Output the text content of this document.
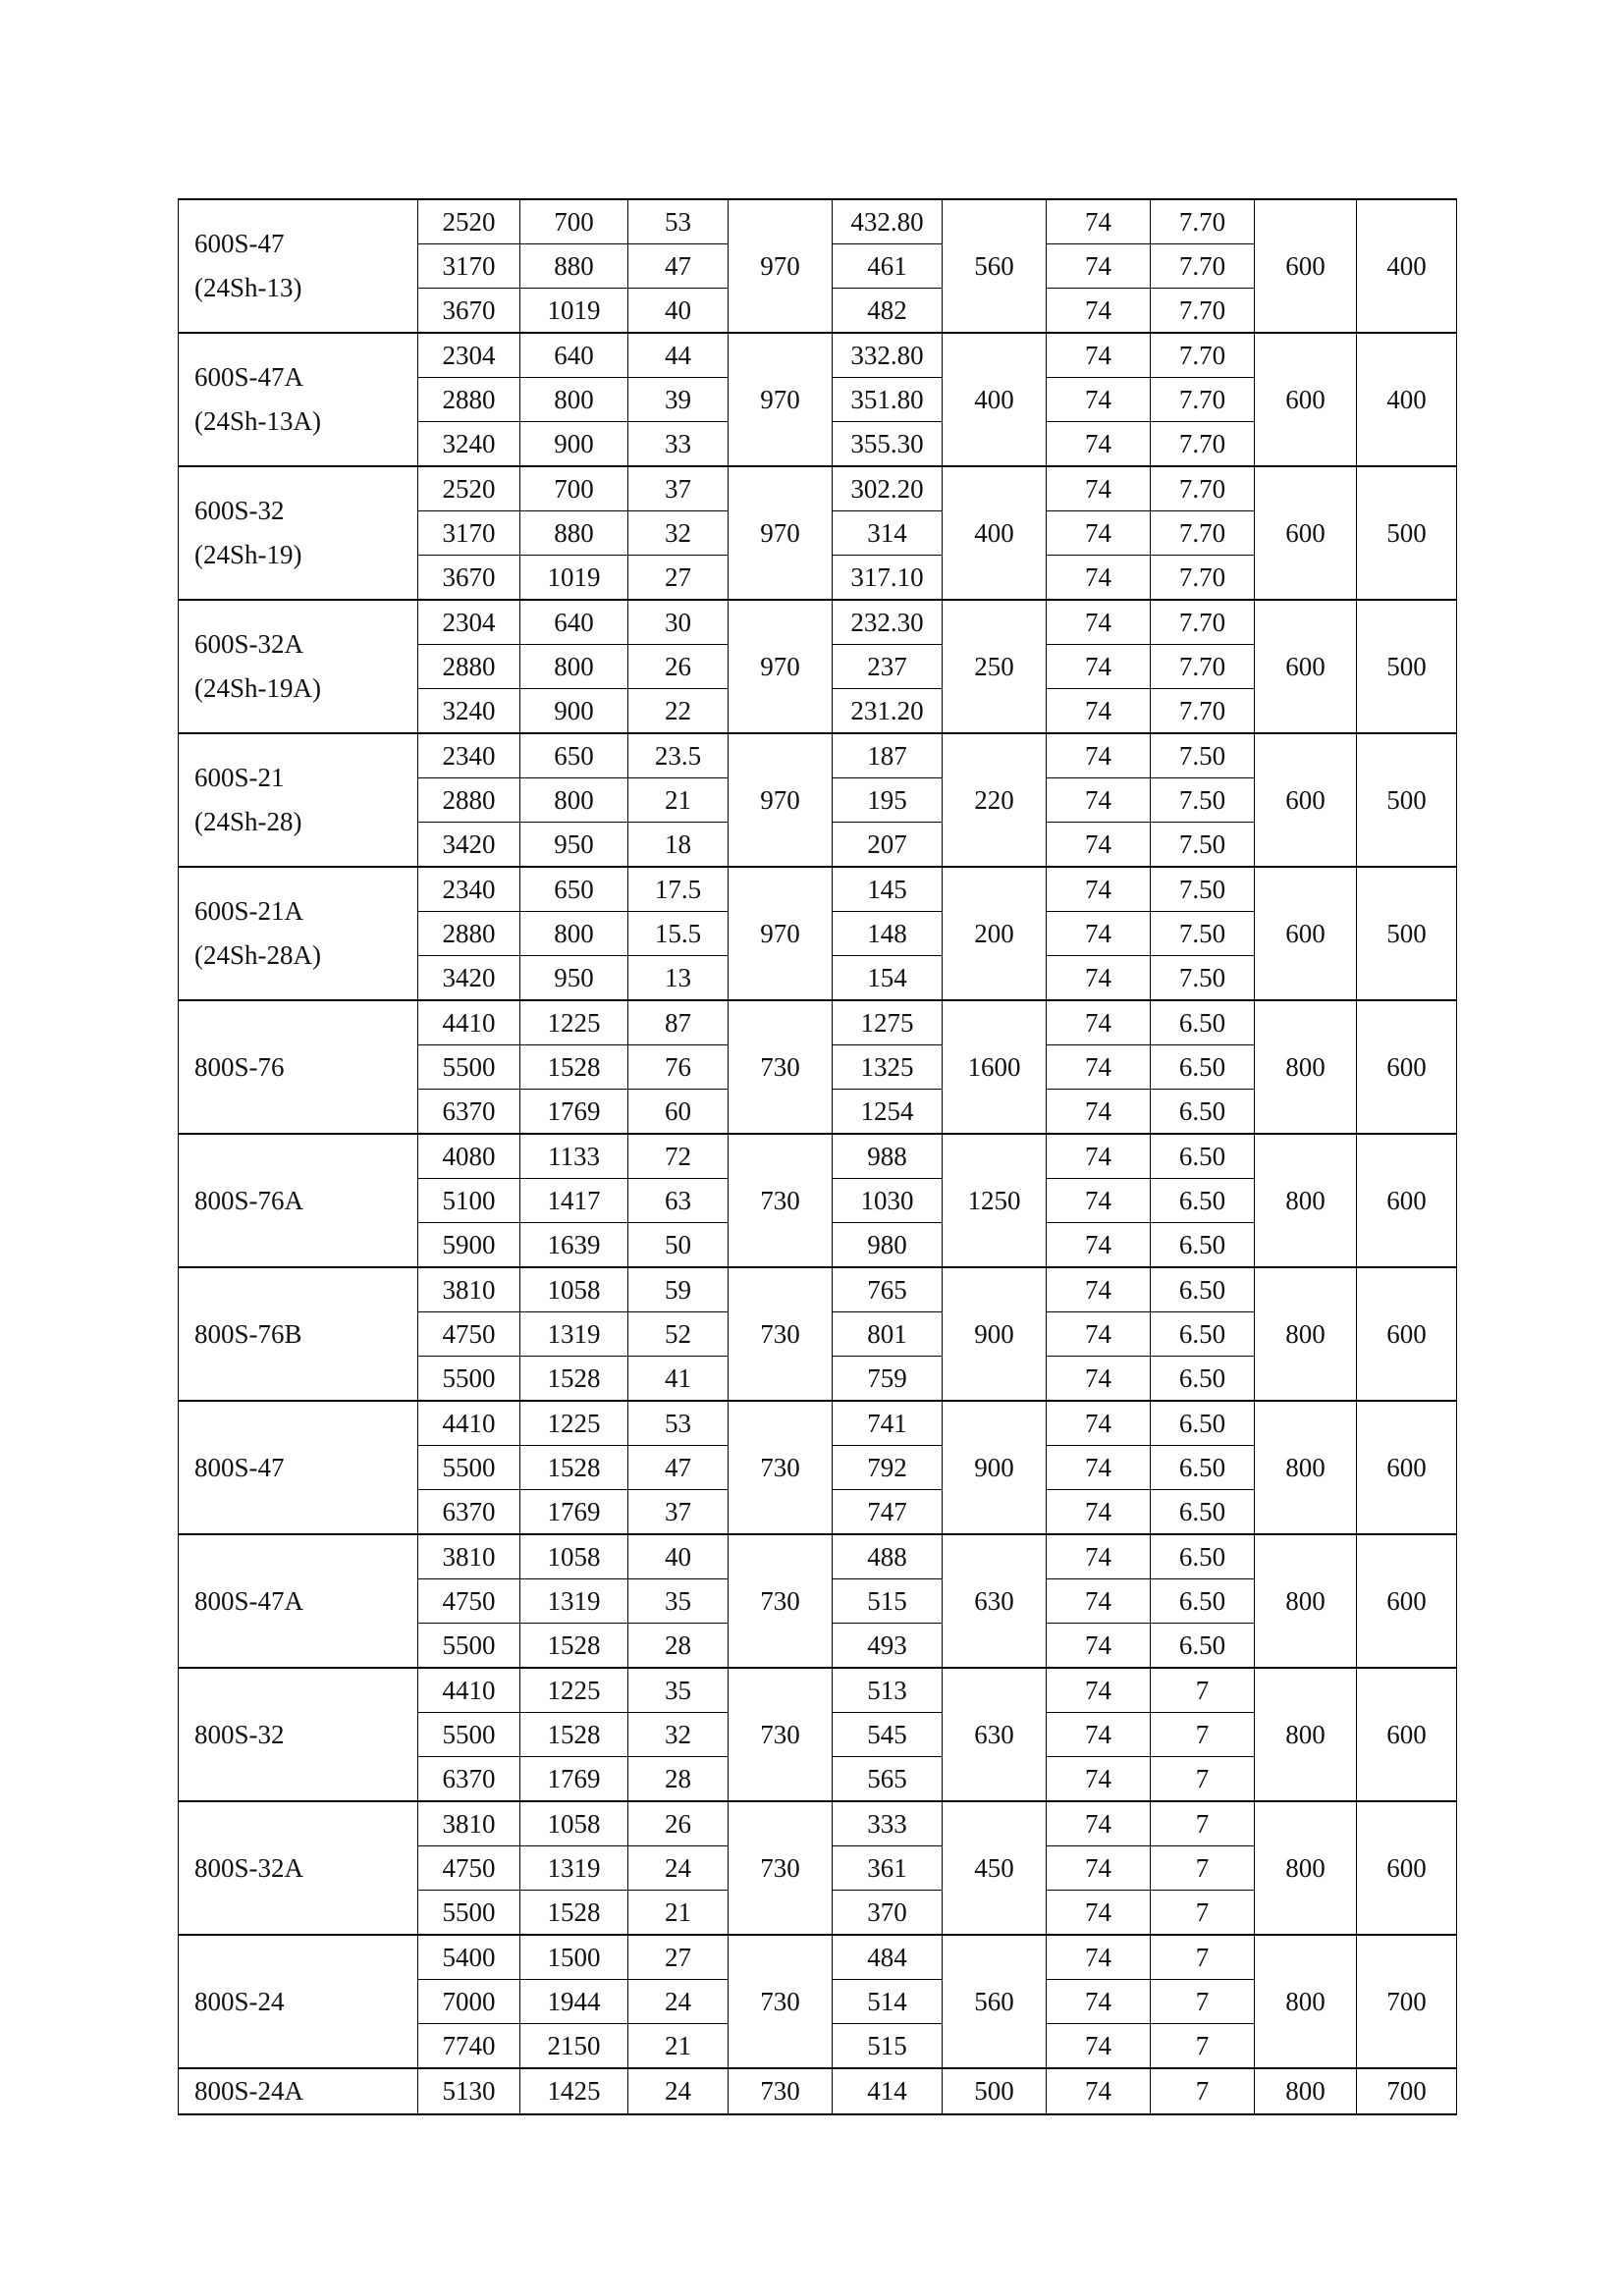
600S-47
(24Sh-13)	2520	700	53	970	432.80	560	74	7.70	600	400
	3170	880	47		461		74	7.70		
	3670	1019	40		482		74	7.70		

600S-47A
(24Sh-13A)	2304	640	44	970	332.80	400	74	7.70	600	400
	2880	800	39		351.80		74	7.70		
	3240	900	33		355.30		74	7.70		

600S-32
(24Sh-19)	2520	700	37	970	302.20	400	74	7.70	600	500
	3170	880	32		314		74	7.70		
	3670	1019	27		317.10		74	7.70		

600S-32A
(24Sh-19A)	2304	640	30	970	232.30	250	74	7.70	600	500
	2880	800	26		237		74	7.70		
	3240	900	22		231.20		74	7.70		

600S-21
(24Sh-28)	2340	650	23.5	970	187	220	74	7.50	600	500
	2880	800	21		195		74	7.50		
	3420	950	18		207		74	7.50		

600S-21A
(24Sh-28A)	2340	650	17.5	970	145	200	74	7.50	600	500
	2880	800	15.5		148		74	7.50		
	3420	950	13		154		74	7.50		

800S-76	4410	1225	87	730	1275	1600	74	6.50	800	600
	5500	1528	76		1325		74	6.50		
	6370	1769	60		1254		74	6.50		

800S-76A	4080	1133	72	730	988	1250	74	6.50	800	600
	5100	1417	63		1030		74	6.50		
	5900	1639	50		980		74	6.50		

800S-76B	3810	1058	59	730	765	900	74	6.50	800	600
	4750	1319	52		801		74	6.50		
	5500	1528	41		759		74	6.50		

800S-47	4410	1225	53	730	741	900	74	6.50	800	600
	5500	1528	47		792		74	6.50		
	6370	1769	37		747		74	6.50		

800S-47A	3810	1058	40	730	488	630	74	6.50	800	600
	4750	1319	35		515		74	6.50		
	5500	1528	28		493		74	6.50		

800S-32	4410	1225	35	730	513	630	74	7	800	600
	5500	1528	32		545		74	7		
	6370	1769	28		565		74	7		

800S-32A	3810	1058	26	730	333	450	74	7	800	600
	4750	1319	24		361		74	7		
	5500	1528	21		370		74	7		

800S-24	5400	1500	27	730	484	560	74	7	800	700
	7000	1944	24		514		74	7		
	7740	2150	21		515		74	7		

800S-24A	5130	1425	24	730	414	500	74	7	800	700
